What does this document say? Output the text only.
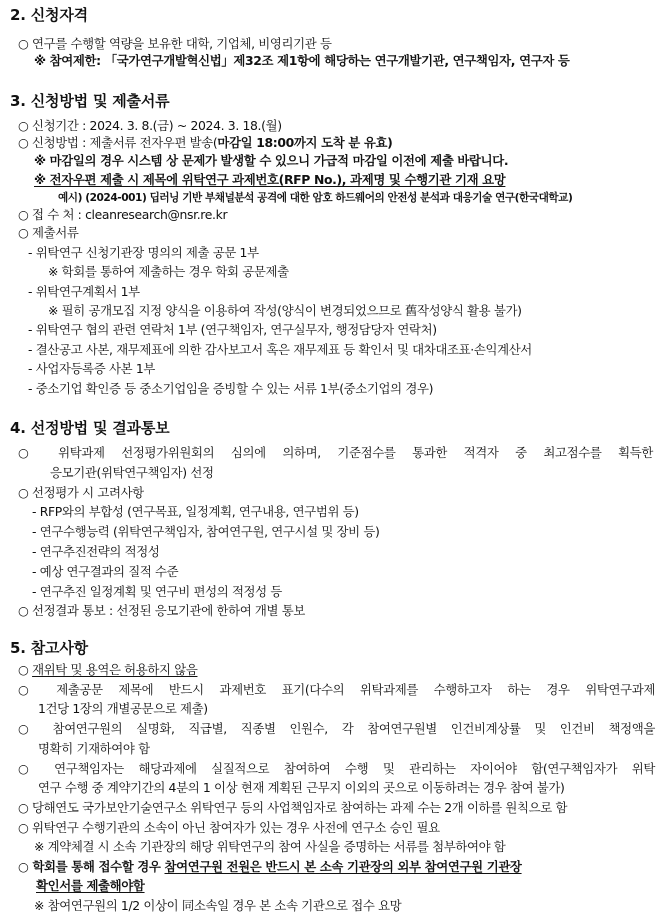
2. 신청자격
○ 연구를 수행할 역량을 보유한 대학, 기업체, 비영리기관 등
※ 참여제한: 「국가연구개발혁신법」제32조 제1항에 해당하는 연구개발기관, 연구책임자, 연구자 등
3. 신청방법 및 제출서류
○ 신청기간 : 2024. 3. 8.(금) ~ 2024. 3. 18.(월)
○ 신청방법 : 제출서류 전자우편 발송(마감일 18:00까지 도착 분 유효)
※ 마감일의 경우 시스템 상 문제가 발생할 수 있으니 가급적 마감일 이전에 제출 바랍니다.
※ 전자우편 제출 시 제목에 위탁연구 과제번호(RFP No.), 과제명 및 수행기관 기재 요망
예시) (2024-001) 딥러닝 기반 부채널분석 공격에 대한 암호 하드웨어의 안전성 분석과 대응기술 연구(한국대학교)
○ 접 수 처 : cleanresearch@nsr.re.kr
○ 제출서류
- 위탁연구 신청기관장 명의의 제출 공문 1부
※ 학회를 통하여 제출하는 경우 학회 공문제출
- 위탁연구계획서 1부
※ 필히 공개모집 지정 양식을 이용하여 작성(양식이 변경되었으므로 舊작성양식 활용 불가)
- 위탁연구 협의 관련 연락처 1부 (연구책임자, 연구실무자, 행정담당자 연락처)
- 결산공고 사본, 재무제표에 의한 감사보고서 혹은 재무제표 등 확인서 및 대차대조표·손익계산서
- 사업자등록증 사본 1부
- 중소기업 확인증 등 중소기업임을 증빙할 수 있는 서류 1부(중소기업의 경우)
4. 선정방법 및 결과통보
○ 위탁과제 선정평가위원회의 심의에 의하며, 기준점수를 통과한 적격자 중 최고점수를 획득한
응모기관(위탁연구책임자) 선정
○ 선정평가 시 고려사항
- RFP와의 부합성 (연구목표, 일정계획, 연구내용, 연구범위 등)
- 연구수행능력 (위탁연구책임자, 참여연구원, 연구시설 및 장비 등)
- 연구추진전략의 적정성
- 예상 연구결과의 질적 수준
- 연구추진 일정계획 및 연구비 편성의 적정성 등
○ 선정결과 통보 : 선정된 응모기관에 한하여 개별 통보
5. 참고사항
○ 재위탁 및 용역은 허용하지 않음
○ 제출공문 제목에 반드시 과제번호 표기(다수의 위탁과제를 수행하고자 하는 경우 위탁연구과제
1건당 1장의 개별공문으로 제출)
○ 참여연구원의 실명화, 직급별, 직종별 인원수, 각 참여연구원별 인건비계상률 및 인건비 책정액을
명확히 기재하여야 함
○ 연구책임자는 해당과제에 실질적으로 참여하여 수행 및 관리하는 자이어야 함(연구책임자가 위탁
연구 수행 중 계약기간의 4분의 1 이상 현재 계획된 근무지 이외의 곳으로 이동하려는 경우 참여 불가)
○ 당해연도 국가보안기술연구소 위탁연구 등의 사업책임자로 참여하는 과제 수는 2개 이하를 원칙으로 함
○ 위탁연구 수행기관의 소속이 아닌 참여자가 있는 경우 사전에 연구소 승인 필요
※ 계약체결 시 소속 기관장의 해당 위탁연구의 참여 사실을 증명하는 서류를 첨부하여야 함
○ 학회를 통해 접수할 경우 참여연구원 전원은 반드시 본 소속 기관장의 외부 참여연구원 기관장
확인서를 제출해야함
※ 참여연구원의 1/2 이상이 同소속일 경우 본 소속 기관으로 접수 요망
